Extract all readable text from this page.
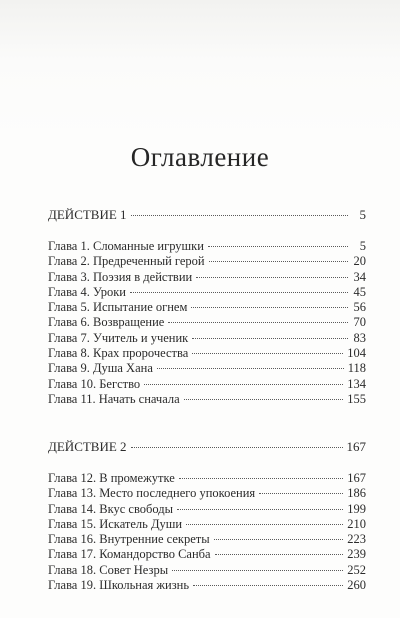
Оглавление
ДЕЙСТВИЕ 1	5
Глава 1. Сломанные игрушки	5
Глава 2. Предреченный герой	20
Глава 3. Поэзия в действии	34
Глава 4. Уроки	45
Глава 5. Испытание огнем	56
Глава 6. Возвращение	70
Глава 7. Учитель и ученик	83
Глава 8. Крах пророчества	104
Глава 9. Душа Хана	118
Глава 10. Бегство	134
Глава 11. Начать сначала	155
ДЕЙСТВИЕ 2	167
Глава 12. В промежутке	167
Глава 13. Место последнего упокоения	186
Глава 14. Вкус свободы	199
Глава 15. Искатель Души	210
Глава 16. Внутренние секреты	223
Глава 17. Командорство Санба	239
Глава 18. Совет Незры	252
Глава 19. Школьная жизнь	260
